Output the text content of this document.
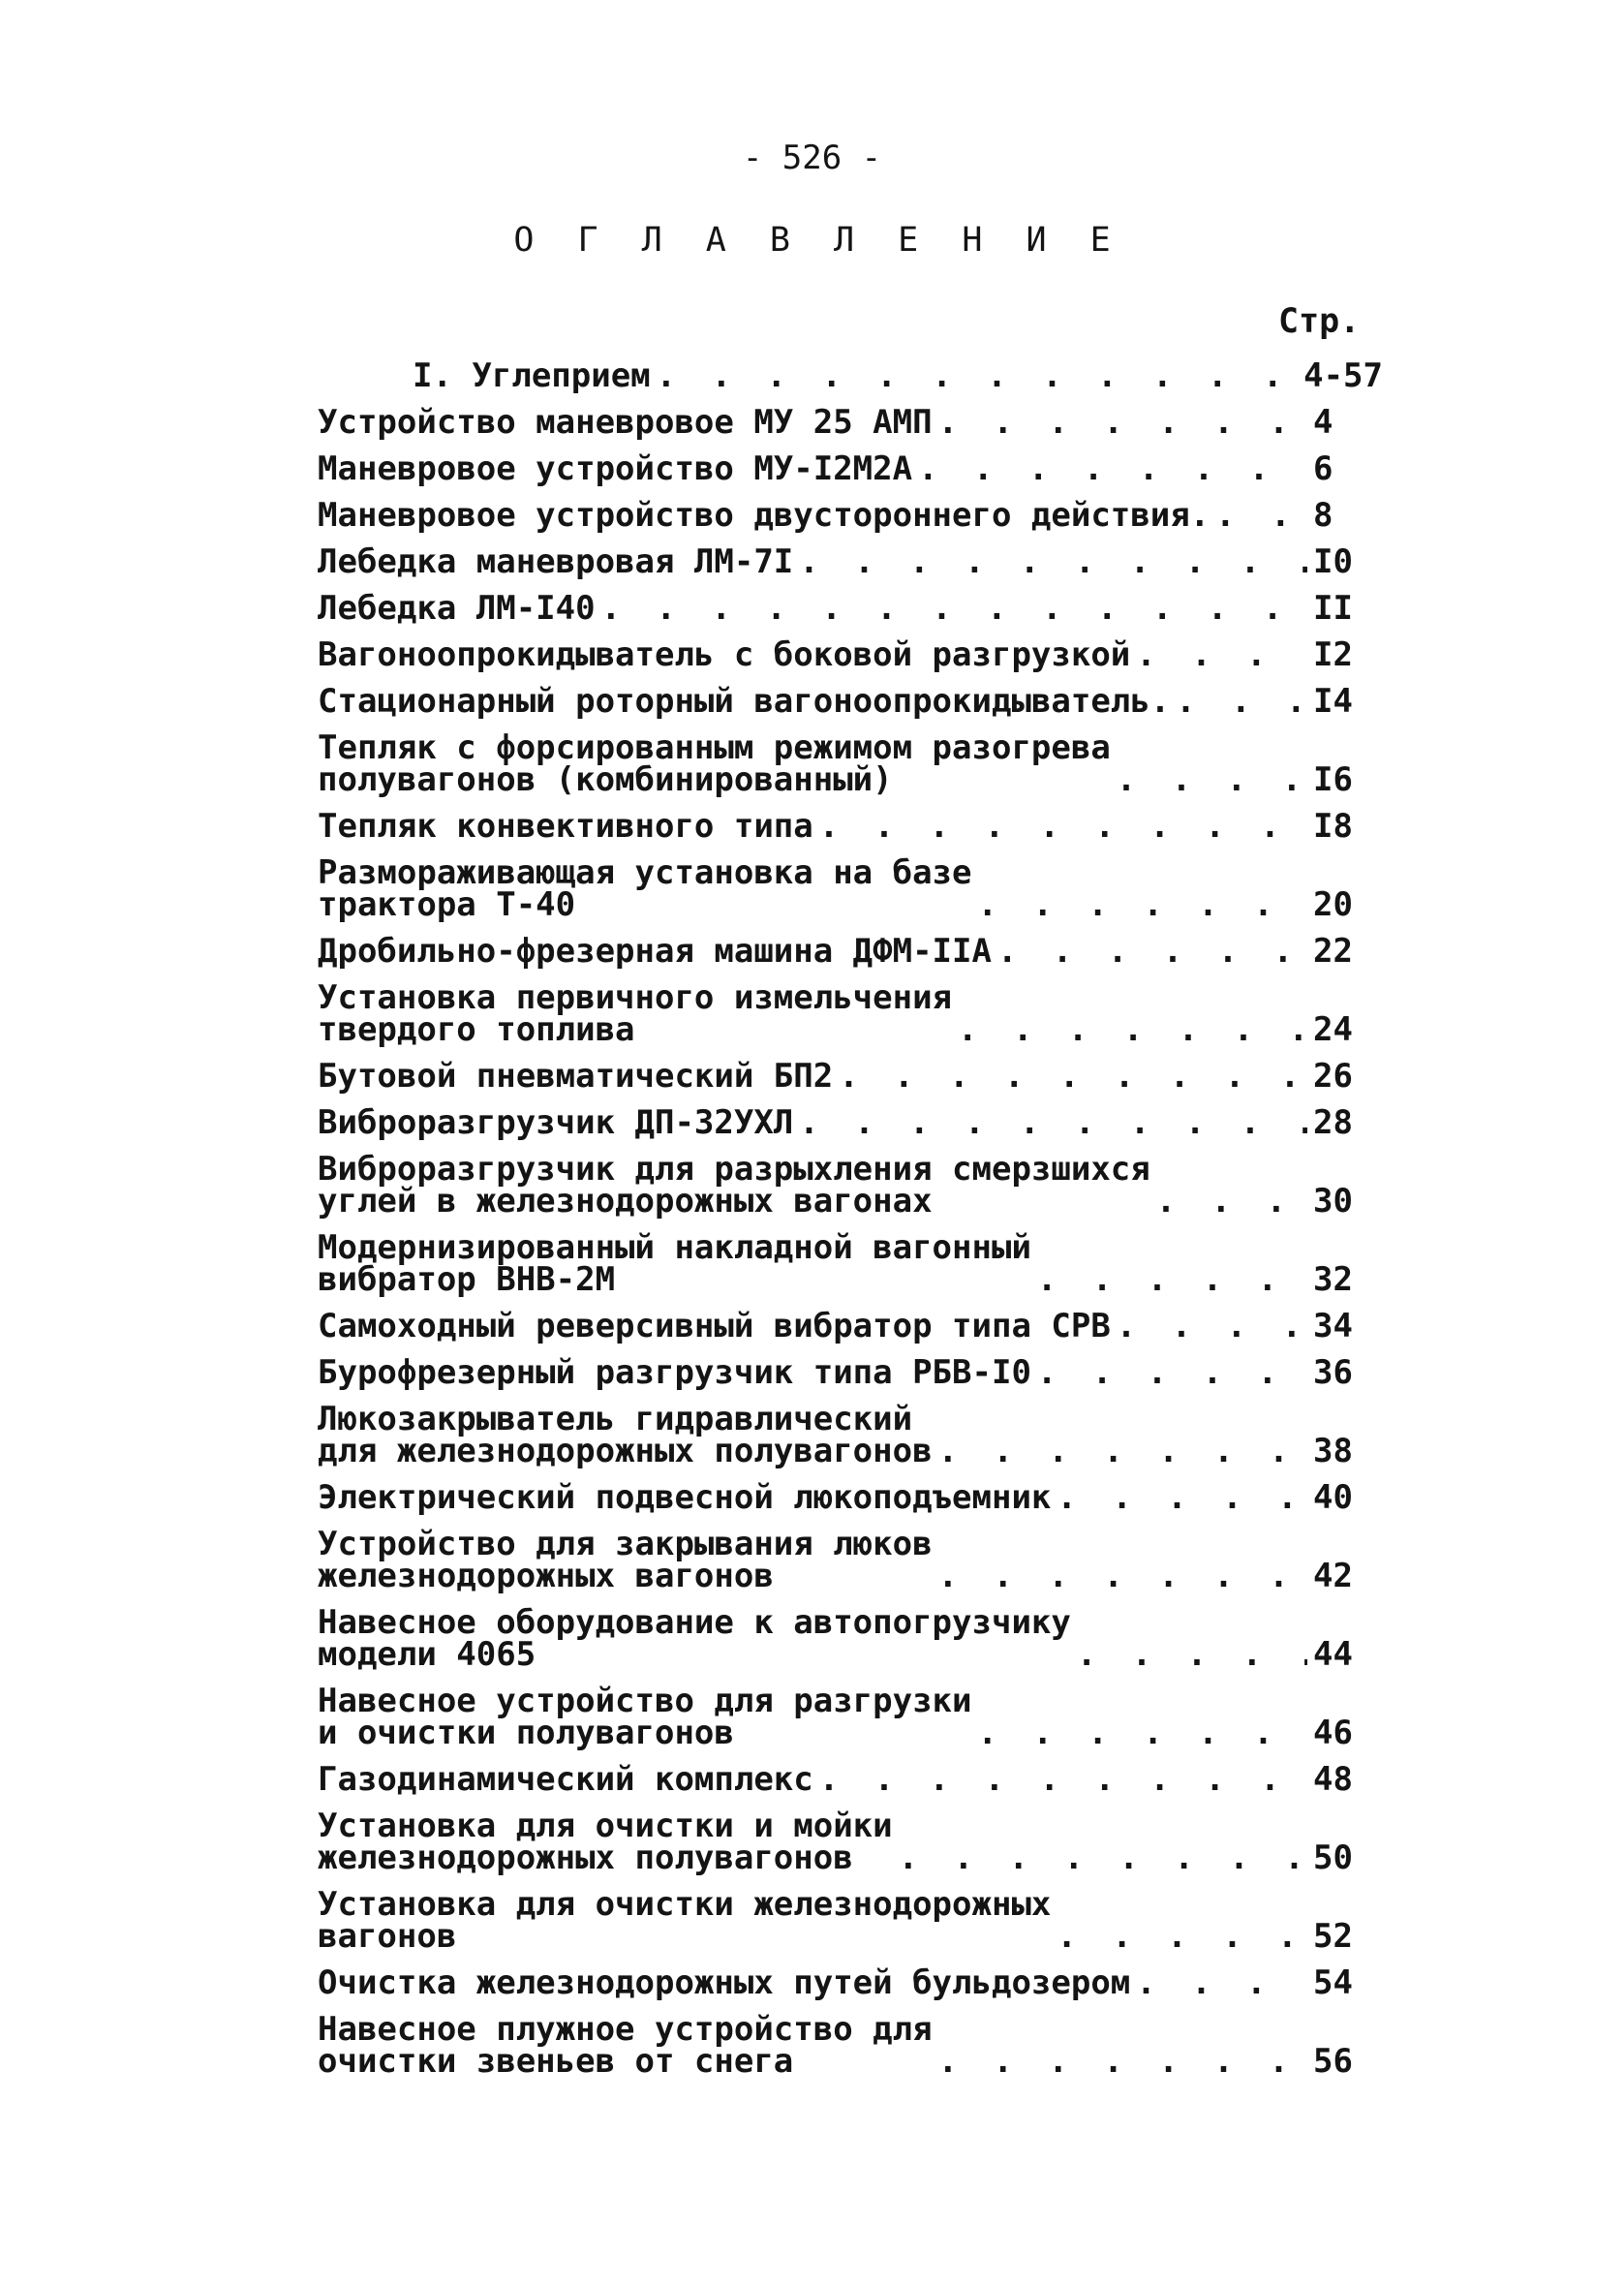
- 526 -
О Г Л А В Л Е Н И Е
Стр.
I. Углеприем . . .	4-57
Устройство маневровое МУ 25 АМП . . .	4
Маневровое устройство МУ-I2M2A . . .	6
Маневровое устройство двустороннего действия. . . .	8
Лебедка маневровая ЛМ-7I . . .	I0
Лебедка ЛМ-I40 . . .	II
Вагоноопрокидыватель с боковой разгрузкой . . .	I2
Стационарный роторный вагоноопрокидыватель. . . .	I4
Тепляк с форсированным режимом разогрева
полувагонов (комбинированный) . . .	I6
Тепляк конвективного типа . . .	I8
Размораживающая установка на базе
трактора Т-40 . . .	20
Дробильно-фрезерная машина ДФМ-IIA . . .	22
Установка первичного измельчения
твердого топлива . . .	24
Бутовой пневматический БП2 . . .	26
Виброразгрузчик ДП-32УХЛ . . .	28
Виброразгрузчик для разрыхления смерзшихся
углей в железнодорожных вагонах . . .	30
Модернизированный накладной вагонный
вибратор ВНВ-2М . . .	32
Самоходный реверсивный вибратор типа СРВ . . .	34
Бурофрезерный разгрузчик типа РБВ-I0 . . .	36
Люкозакрыватель гидравлический
для железнодорожных полувагонов . . .	38
Электрический подвесной люкоподъемник . . .	40
Устройство для закрывания люков
железнодорожных вагонов . . .	42
Навесное оборудование к автопогрузчику
модели 4065 . . .	44
Навесное устройство для разгрузки
и очистки полувагонов . . .	46
Газодинамический комплекс . . .	48
Установка для очистки и мойки
железнодорожных полувагонов . . .	50
Установка для очистки железнодорожных
вагонов . . .	52
Очистка железнодорожных путей бульдозером . . .	54
Навесное плужное устройство для
очистки звеньев от снега . . .	56
